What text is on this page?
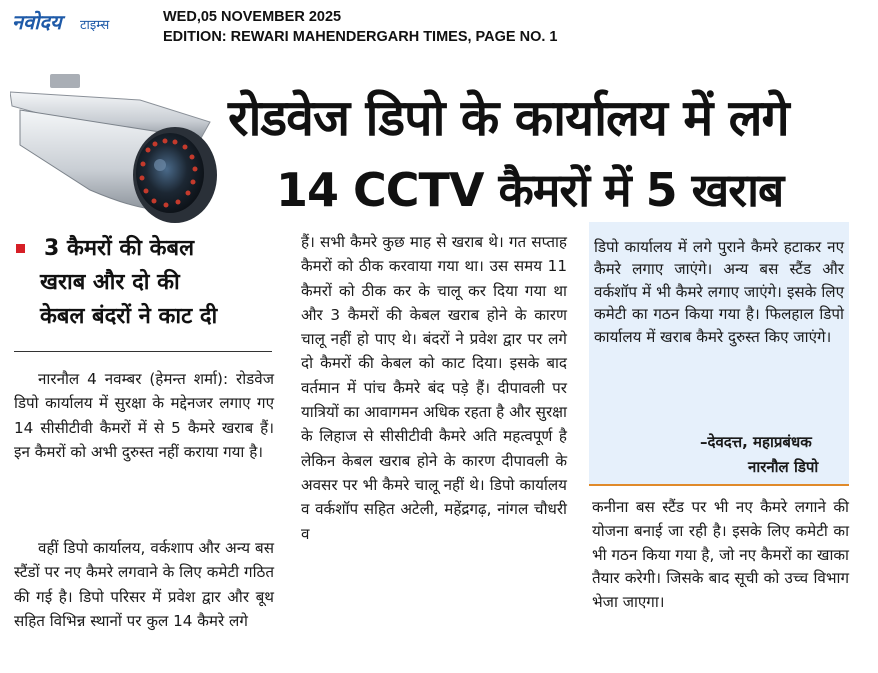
नवोदय	टाइम्स
WED,05 NOVEMBER 2025
EDITION: REWARI MAHENDERGARH TIMES, PAGE NO. 1
रोडवेज डिपो के कार्यालय में लगे
14 CCTV कैमरों में 5 खराब
3 कैमरों की केबल
खराब और दो की
केबल बंदरों ने काट दी

नारनौल 4 नवम्बर (हेमन्त शर्मा): रोडवेज डिपो कार्यालय में सुरक्षा के मद्देनजर लगाए गए 14 सीसीटीवी कैमरों में से 5 कैमरे खराब हैं। इन कैमरों को अभी दुरुस्त नहीं कराया गया है।

वहीं डिपो कार्यालय, वर्कशाप और अन्य बस स्टैंडों पर नए कैमरे लगवाने के लिए कमेटी गठित की गई है। डिपो परिसर में प्रवेश द्वार और बूथ सहित विभिन्न स्थानों पर कुल 14 कैमरे लगे

हैं। सभी कैमरे कुछ माह से खराब थे। गत सप्ताह कैमरों को ठीक करवाया गया था। उस समय 11 कैमरों को ठीक कर के चालू कर दिया गया था और 3 कैमरों की केबल खराब होने के कारण चालू नहीं हो पाए थे। बंदरों ने प्रवेश द्वार पर लगे दो कैमरों की केबल को काट दिया। इसके बाद वर्तमान में पांच कैमरे बंद पड़े हैं। दीपावली पर यात्रियों का आवागमन अधिक रहता है और सुरक्षा के लिहाज से सीसीटीवी कैमरे अति महत्वपूर्ण है लेकिन केबल खराब होने के कारण दीपावली के अवसर पर भी कैमरे चालू नहीं थे। डिपो कार्यालय व वर्कशॉप सहित अटेली, महेंद्रगढ़, नांगल चौधरी व

डिपो कार्यालय में लगे पुराने कैमरे हटाकर नए कैमरे लगाए जाएंगे। अन्य बस स्टैंड और वर्कशॉप में भी कैमरे लगाए जाएंगे। इसके लिए कमेटी का गठन किया गया है। फिलहाल डिपो कार्यालय में खराब कैमरे दुरुस्त किए जाएंगे।

–देवदत्त, महाप्रबंधक
नारनौल डिपो

कनीना बस स्टैंड पर भी नए कैमरे लगाने की योजना बनाई जा रही है। इसके लिए कमेटी का भी गठन किया गया है, जो नए कैमरों का खाका तैयार करेगी। जिसके बाद सूची को उच्च विभाग भेजा जाएगा।
